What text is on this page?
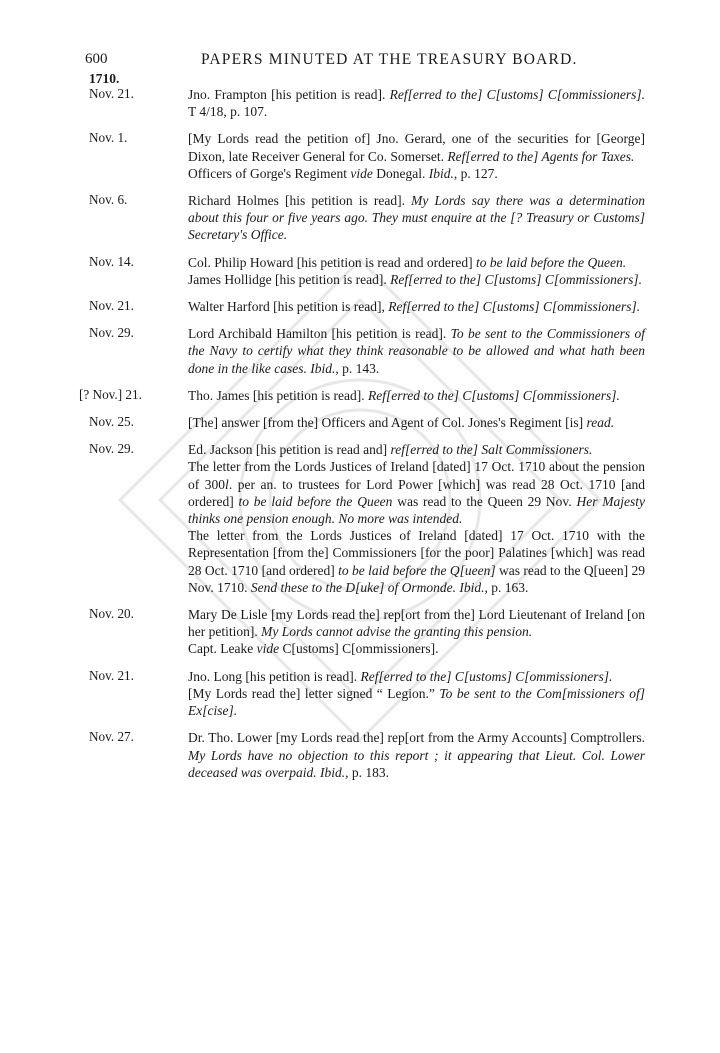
600	PAPERS MINUTED AT THE TREASURY BOARD.
1710.
Nov. 21.	Jno. Frampton [his petition is read]. Ref[erred to the] C[ustoms] C[ommissioners]. T 4/18, p. 107.

Nov. 1.	[My Lords read the petition of] Jno. Gerard, one of the securities for [George] Dixon, late Receiver General for Co. Somerset. Ref[erred to the] Agents for Taxes.

Officers of Gorge's Regiment vide Donegal. Ibid., p. 127.

Nov. 6.	Richard Holmes [his petition is read]. My Lords say there was a determination about this four or five years ago. They must enquire at the [? Treasury or Customs] Secretary's Office.

Nov. 14.	Col. Philip Howard [his petition is read and ordered] to be laid before the Queen.

James Hollidge [his petition is read]. Ref[erred to the] C[ustoms] C[ommissioners].

Nov. 21.	Walter Harford [his petition is read], Ref[erred to the] C[ustoms] C[ommissioners].

Nov. 29.	Lord Archibald Hamilton [his petition is read]. To be sent to the Commissioners of the Navy to certify what they think reasonable to be allowed and what hath been done in the like cases. Ibid., p. 143.

[? Nov.] 21.	Tho. James [his petition is read]. Ref[erred to the] C[ustoms] C[ommissioners].

Nov. 25.	[The] answer [from the] Officers and Agent of Col. Jones's Regiment [is] read.

Nov. 29.	Ed. Jackson [his petition is read and] ref[erred to the] Salt Commissioners.

The letter from the Lords Justices of Ireland [dated] 17 Oct. 1710 about the pension of 300l. per an. to trustees for Lord Power [which] was read 28 Oct. 1710 [and ordered] to be laid before the Queen was read to the Queen 29 Nov. Her Majesty thinks one pension enough. No more was intended.

The letter from the Lords Justices of Ireland [dated] 17 Oct. 1710 with the Representation [from the] Commissioners [for the poor] Palatines [which] was read 28 Oct. 1710 [and ordered] to be laid before the Q[ueen] was read to the Q[ueen] 29 Nov. 1710. Send these to the D[uke] of Ormonde. Ibid., p. 163.

Nov. 20.	Mary De Lisle [my Lords read the] rep[ort from the] Lord Lieutenant of Ireland [on her petition]. My Lords cannot advise the granting this pension.

Capt. Leake vide C[ustoms] C[ommissioners].

Nov. 21.	Jno. Long [his petition is read]. Ref[erred to the] C[ustoms] C[ommissioners].

[My Lords read the] letter signed “ Legion.” To be sent to the Com[missioners of] Ex[cise].

Nov. 27.	Dr. Tho. Lower [my Lords read the] rep[ort from the Army Accounts] Comptrollers. My Lords have no objection to this report ; it appearing that Lieut. Col. Lower deceased was overpaid. Ibid., p. 183.
